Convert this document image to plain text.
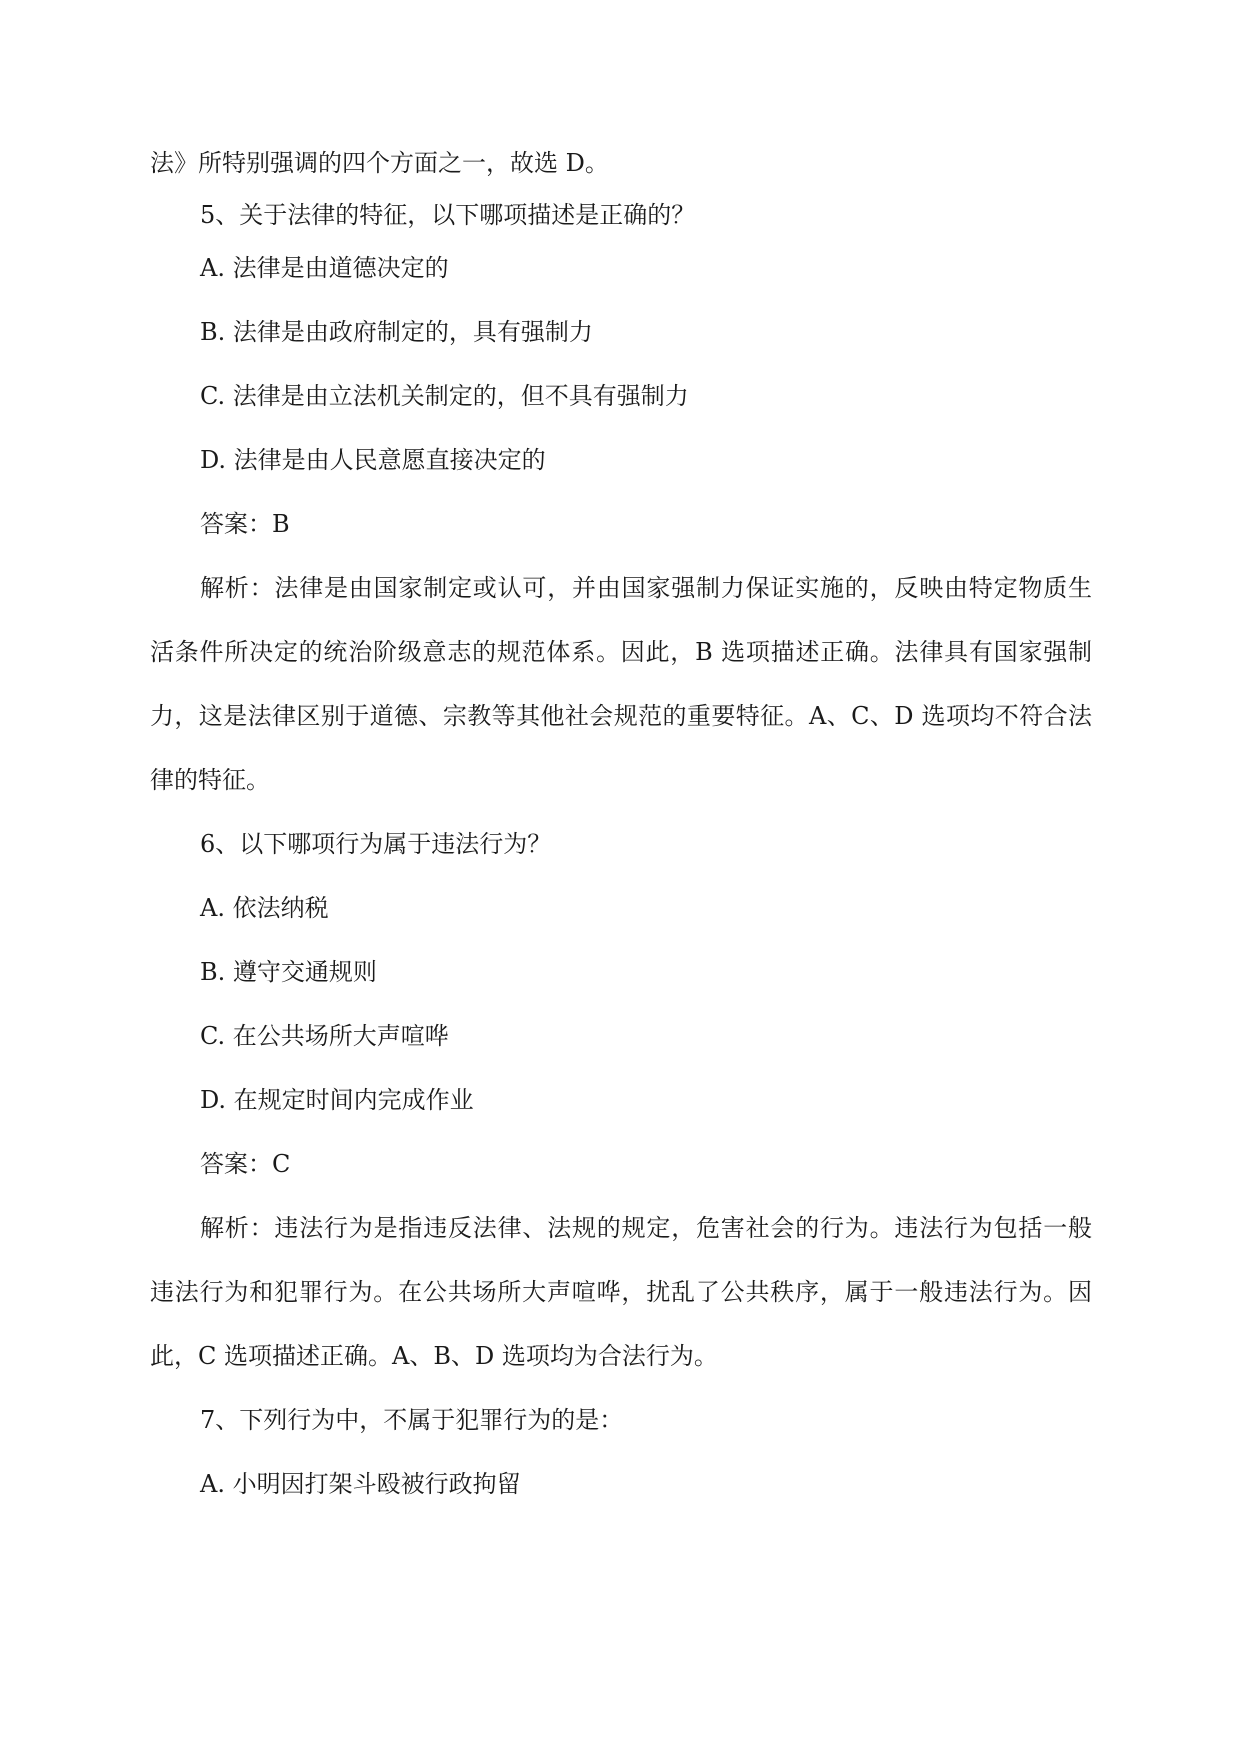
法》所特别强调的四个方面之一，故选 D。
5、关于法律的特征，以下哪项描述是正确的？
A. 法律是由道德决定的
B. 法律是由政府制定的，具有强制力
C. 法律是由立法机关制定的，但不具有强制力
D. 法律是由人民意愿直接决定的
答案：B
解析：法律是由国家制定或认可，并由国家强制力保证实施的，反映由特定物质生
活条件所决定的统治阶级意志的规范体系。因此，B 选项描述正确。法律具有国家强制
力，这是法律区别于道德、宗教等其他社会规范的重要特征。A、C、D 选项均不符合法
律的特征。
6、以下哪项行为属于违法行为？
A. 依法纳税
B. 遵守交通规则
C. 在公共场所大声喧哗
D. 在规定时间内完成作业
答案：C
解析：违法行为是指违反法律、法规的规定，危害社会的行为。违法行为包括一般
违法行为和犯罪行为。在公共场所大声喧哗，扰乱了公共秩序，属于一般违法行为。因
此，C 选项描述正确。A、B、D 选项均为合法行为。
7、下列行为中，不属于犯罪行为的是：
A. 小明因打架斗殴被行政拘留
